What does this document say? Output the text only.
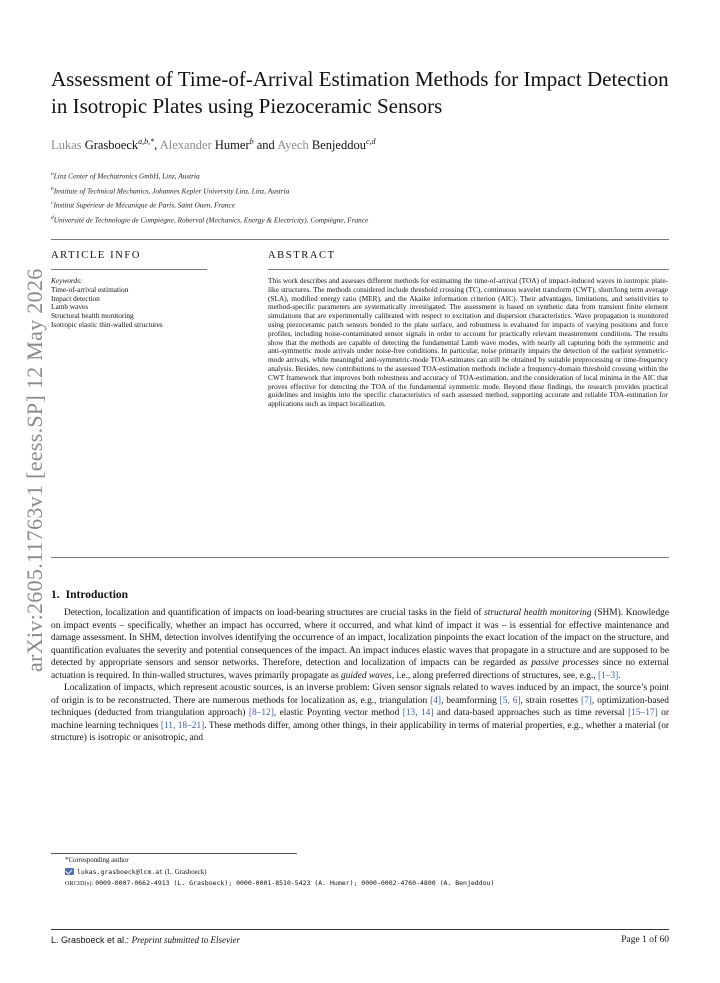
arXiv:2605.11763v1 [eess.SP] 12 May 2026
Assessment of Time-of-Arrival Estimation Methods for Impact Detection in Isotropic Plates using Piezoceramic Sensors
Lukas Grasboeck$^{a,b,*}$, Alexander Humer$^b$ and Ayech Benjeddou$^{c,d}$
$^a$Linz Center of Mechatronics GmbH, Linz, Austria
$^b$Institute of Technical Mechanics, Johannes Kepler University Linz, Linz, Austria
$^c$Institut Supérieur de Mécanique de Paris, Saint Ouen, France
$^d$Université de Technologie de Compiègne, Roberval (Mechanics, Energy & Electricity), Compiègne, France
ARTICLE INFO	ABSTRACT
Keywords:
Time-of-arrival estimation
Impact detection
Lamb waves
Structural health monitoring
Isotropic elastic thin-walled structures
This work describes and assesses different methods for estimating the time-of-arrival (TOA) of impact-induced waves in isotropic plate-like structures. The methods considered include threshold crossing (TC), continuous wavelet transform (CWT), short/long term average (SLA), modified energy ratio (MER), and the Akaike information criterion (AIC). Their advantages, limitations, and sensitivities to method-specific parameters are systematically investigated. The assessment is based on synthetic data from transient finite element simulations that are experimentally calibrated with respect to excitation and dispersion characteristics. Wave propagation is monitored using piezoceramic patch sensors bonded to the plate surface, and robustness is evaluated for impacts of varying positions and force profiles, including noise-contaminated sensor signals in order to account for practically relevant measurement conditions. The results show that the methods are capable of detecting the fundamental Lamb wave modes, with nearly all capturing both the symmetric and anti-symmetric mode arrivals under noise-free conditions. In particular, noise primarily impairs the detection of the earliest symmetric-mode arrivals, while meaningful anti-symmetric-mode TOA-estimates can still be obtained by suitable preprocessing or time-frequency analysis. Besides, new contributions to the assessed TOA-estimation methods include a frequency-domain threshold crossing within the CWT framework that improves both robustness and accuracy of TOA-estimation, and the consideration of local minima in the AIC that proves effective for detecting the TOA of the fundamental symmetric mode. Beyond these findings, the research provides practical guidelines and insights into the specific characteristics of each assessed method, supporting accurate and reliable TOA-estimation for applications such as impact localization.
1. Introduction

Detection, localization and quantification of impacts on load-bearing structures are crucial tasks in the field of structural health monitoring (SHM). Knowledge on impact events – specifically, whether an impact has occurred, where it occurred, and what kind of impact it was – is essential for effective maintenance and damage assessment. In SHM, detection involves identifying the occurrence of an impact, localization pinpoints the exact location of the impact on the structure, and quantification evaluates the severity and potential consequences of the impact. An impact induces elastic waves that propagate in a structure and are supposed to be detected by appropriate sensors and sensor networks. Therefore, detection and localization of impacts can be regarded as passive processes since no external actuation is required. In thin-walled structures, waves primarily propagate as guided waves, i.e., along preferred directions of structures, see, e.g., [1–3].

Localization of impacts, which represent acoustic sources, is an inverse problem: Given sensor signals related to waves induced by an impact, the source’s point of origin is to be reconstructed. There are numerous methods for localization as, e.g., triangulation [4], beamforming [5, 6], strain rosettes [7], optimization-based techniques (deducted from triangulation approach) [8–12], elastic Poynting vector method [13, 14] and data-based approaches such as time reversal [15–17] or machine learning techniques [11, 18–21]. These methods differ, among other things, in their applicability in terms of material properties, e.g., whether a material (or structure) is isotropic or anisotropic, and

*Corresponding author
lukas.grasboeck@lcm.at (L. Grasboeck)
ORCID(s): 0009-0007-0662-4913 (L. Grasboeck); 0000-0001-8510-5423 (A. Humer); 0000-0002-4760-4800 (A. Benjeddou)
L. Grasboeck et al.: Preprint submitted to Elsevier	Page 1 of 60
